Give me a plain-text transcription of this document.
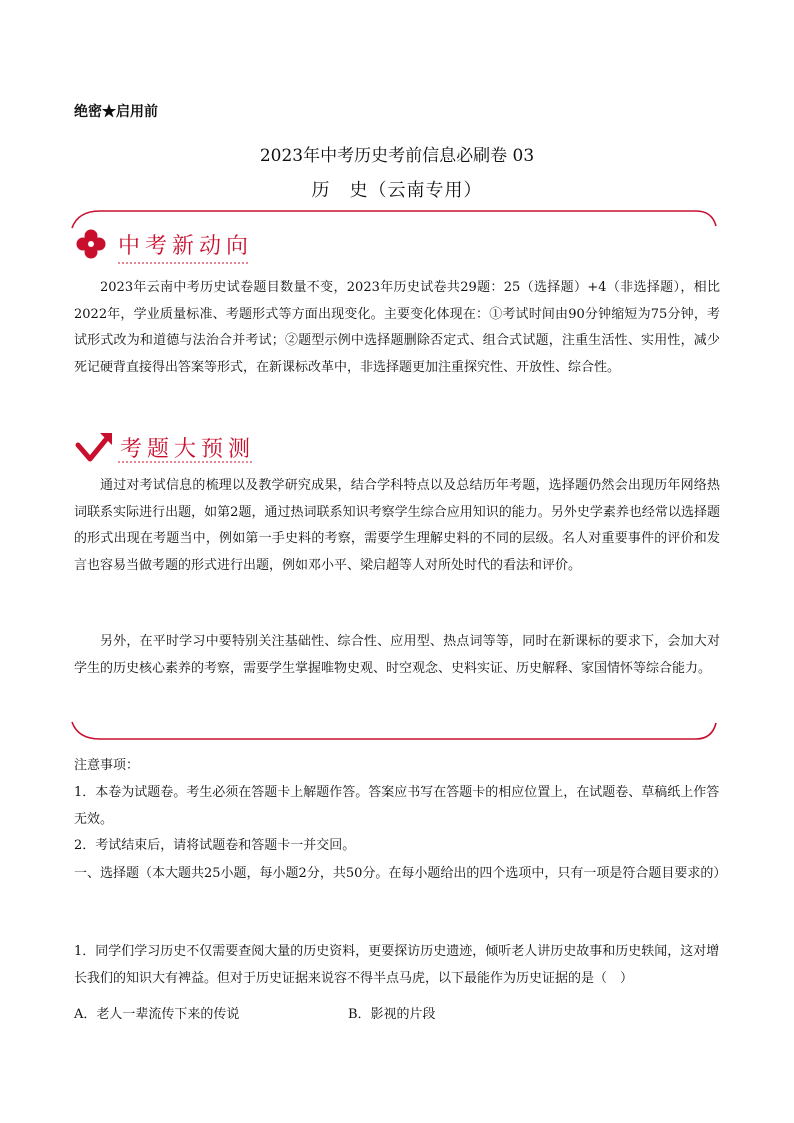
绝密★启用前
2023年中考历史考前信息必刷卷 03
历　史（云南专用）
中考新动向
2023年云南中考历史试卷题目数量不变，2023年历史试卷共29题：25（选择题）+4（非选择题），相比2022年，学业质量标准、考题形式等方面出现变化。主要变化体现在：①考试时间由90分钟缩短为75分钟，考试形式改为和道德与法治合并考试；②题型示例中选择题删除否定式、组合式试题，注重生活性、实用性，减少死记硬背直接得出答案等形式，在新课标改革中，非选择题更加注重探究性、开放性、综合性。
考题大预测
通过对考试信息的梳理以及教学研究成果，结合学科特点以及总结历年考题，选择题仍然会出现历年网络热词联系实际进行出题，如第2题，通过热词联系知识考察学生综合应用知识的能力。另外史学素养也经常以选择题的形式出现在考题当中，例如第一手史料的考察，需要学生理解史料的不同的层级。名人对重要事件的评价和发言也容易当做考题的形式进行出题，例如邓小平、梁启超等人对所处时代的看法和评价。
另外，在平时学习中要特别关注基础性、综合性、应用型、热点词等等，同时在新课标的要求下，会加大对学生的历史核心素养的考察，需要学生掌握唯物史观、时空观念、史料实证、历史解释、家国情怀等综合能力。
注意事项：
1．本卷为试题卷。考生必须在答题卡上解题作答。答案应书写在答题卡的相应位置上，在试题卷、草稿纸上作答无效。
2．考试结束后，请将试题卷和答题卡一并交回。
一、选择题（本大题共25小题，每小题2分，共50分。在每小题给出的四个选项中，只有一项是符合题目要求的）
1．同学们学习历史不仅需要查阅大量的历史资料，更要探访历史遗迹，倾听老人讲历史故事和历史轶闻，这对增长我们的知识大有裨益。但对于历史证据来说容不得半点马虎，以下最能作为历史证据的是（　）
A．老人一辈流传下来的传说	B．影视的片段
